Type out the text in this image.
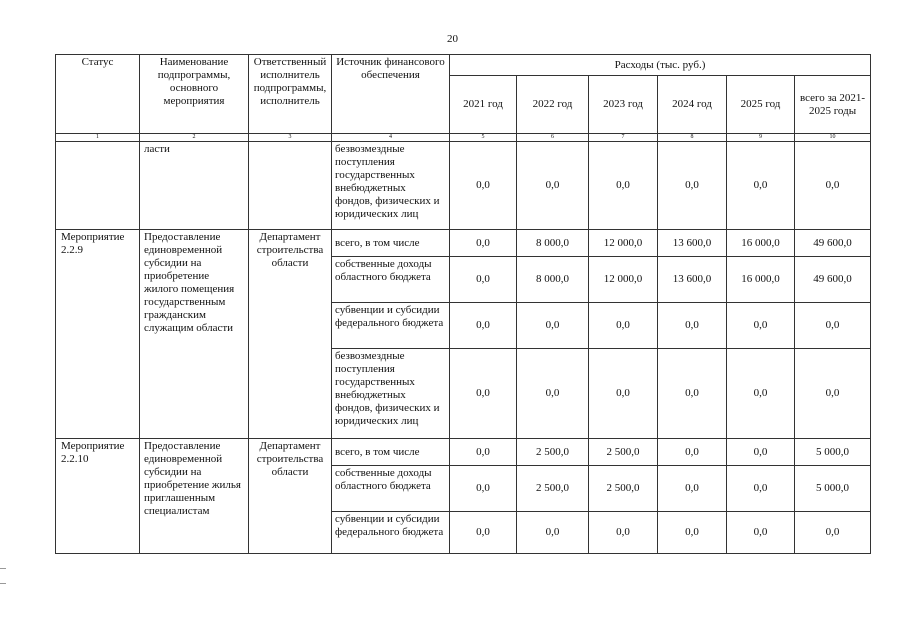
20
Статус	Наименование подпрограммы, основного мероприятия	Ответственный исполнитель подпрограммы, исполнитель	Источник финансового обеспечения	Расходы (тыс. руб.)					
				2021 год	2022 год	2023 год	2024 год	2025 год	всего за 2021-2025 годы
1	2	3	4	5	6	7	8	9	10
	ласти		безвозмездные поступления государственных внебюджетных фондов, физических и юридических лиц	0,0	0,0	0,0	0,0	0,0	0,0
Мероприятие 2.2.9	Предоставление единовременной субсидии на приобретение жилого помещения государственным гражданским служащим области	Департамент строительства области	всего, в том числе	0,0	8 000,0	12 000,0	13 600,0	16 000,0	49 600,0
			собственные доходы областного бюджета	0,0	8 000,0	12 000,0	13 600,0	16 000,0	49 600,0
			субвенции и субсидии федерального бюджета	0,0	0,0	0,0	0,0	0,0	0,0
			безвозмездные поступления государственных внебюджетных фондов, физических и юридических лиц	0,0	0,0	0,0	0,0	0,0	0,0
Мероприятие 2.2.10	Предоставление единовременной субсидии на приобретение жилья приглашенным специалистам	Департамент строительства области	всего, в том числе	0,0	2 500,0	2 500,0	0,0	0,0	5 000,0
			собственные доходы областного бюджета	0,0	2 500,0	2 500,0	0,0	0,0	5 000,0
			субвенции и субсидии федерального бюджета	0,0	0,0	0,0	0,0	0,0	0,0
